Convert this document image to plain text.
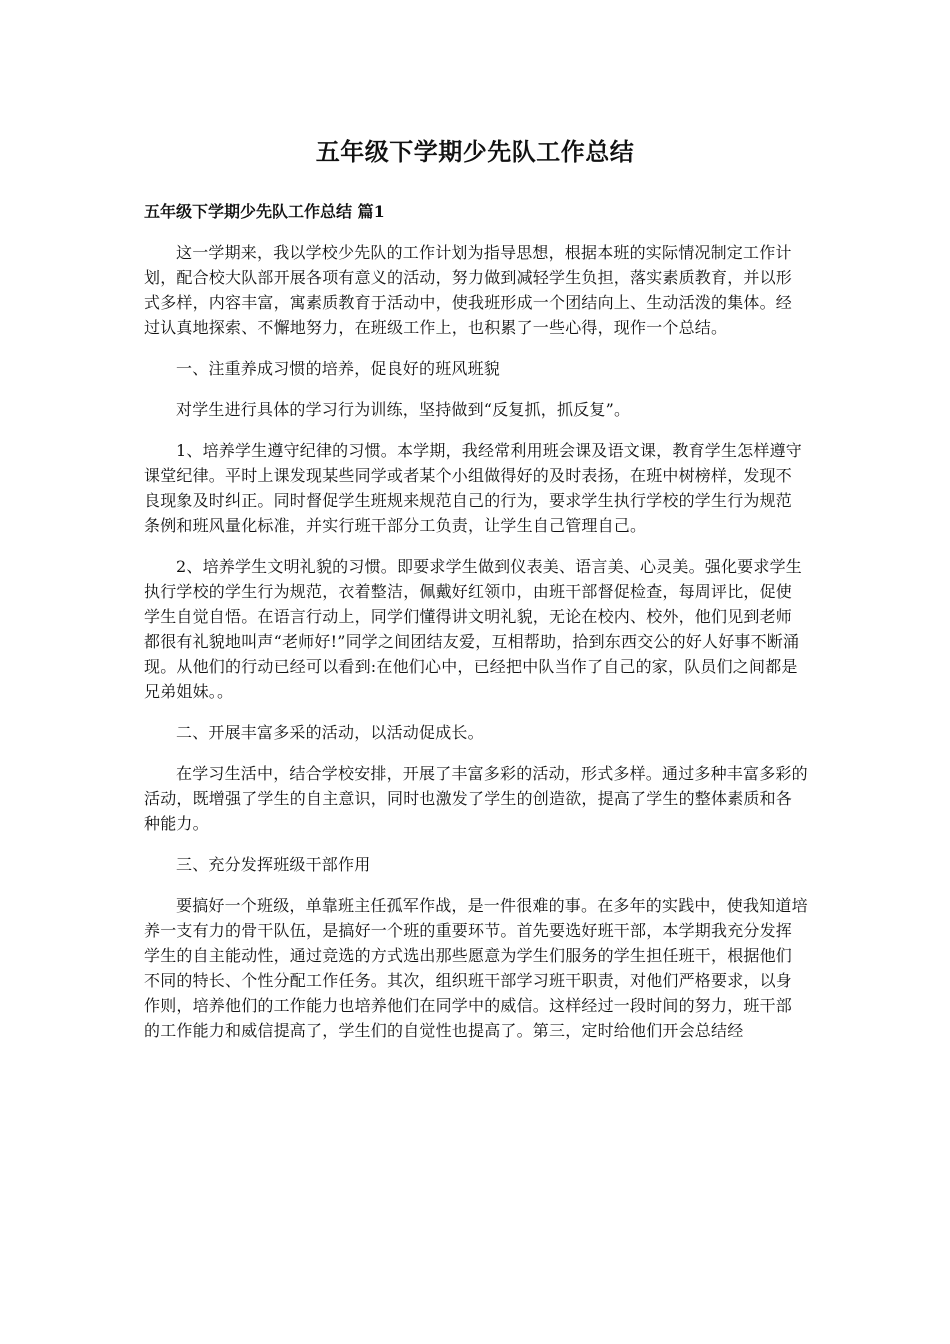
五年级下学期少先队工作总结
五年级下学期少先队工作总结 篇1

这一学期来，我以学校少先队的工作计划为指导思想，根据本班的实际情况制定工作计划，配合校大队部开展各项有意义的活动，努力做到减轻学生负担，落实素质教育，并以形式多样，内容丰富，寓素质教育于活动中，使我班形成一个团结向上、生动活泼的集体。经过认真地探索、不懈地努力，在班级工作上，也积累了一些心得，现作一个总结。

一、注重养成习惯的培养，促良好的班风班貌

对学生进行具体的学习行为训练，坚持做到“反复抓，抓反复”。

1、培养学生遵守纪律的习惯。本学期，我经常利用班会课及语文课，教育学生怎样遵守课堂纪律。平时上课发现某些同学或者某个小组做得好的及时表扬，在班中树榜样，发现不良现象及时纠正。同时督促学生班规来规范自己的行为，要求学生执行学校的学生行为规范条例和班风量化标准，并实行班干部分工负责，让学生自己管理自己。

2、培养学生文明礼貌的习惯。即要求学生做到仪表美、语言美、心灵美。强化要求学生执行学校的学生行为规范，衣着整洁，佩戴好红领巾，由班干部督促检查，每周评比，促使学生自觉自悟。在语言行动上，同学们懂得讲文明礼貌，无论在校内、校外，他们见到老师都很有礼貌地叫声“老师好!”同学之间团结友爱，互相帮助，拾到东西交公的好人好事不断涌现。从他们的行动已经可以看到:在他们心中，已经把中队当作了自己的家，队员们之间都是兄弟姐妹。。

二、开展丰富多采的活动，以活动促成长。

在学习生活中，结合学校安排，开展了丰富多彩的活动，形式多样。通过多种丰富多彩的活动，既增强了学生的自主意识，同时也激发了学生的创造欲，提高了学生的整体素质和各种能力。

三、充分发挥班级干部作用

要搞好一个班级，单靠班主任孤军作战，是一件很难的事。在多年的实践中，使我知道培养一支有力的骨干队伍，是搞好一个班的重要环节。首先要选好班干部，本学期我充分发挥学生的自主能动性，通过竞选的方式选出那些愿意为学生们服务的学生担任班干，根据他们不同的特长、个性分配工作任务。其次，组织班干部学习班干职责，对他们严格要求，以身作则，培养他们的工作能力也培养他们在同学中的威信。这样经过一段时间的努力，班干部的工作能力和威信提高了，学生们的自觉性也提高了。第三，定时给他们开会总结经
